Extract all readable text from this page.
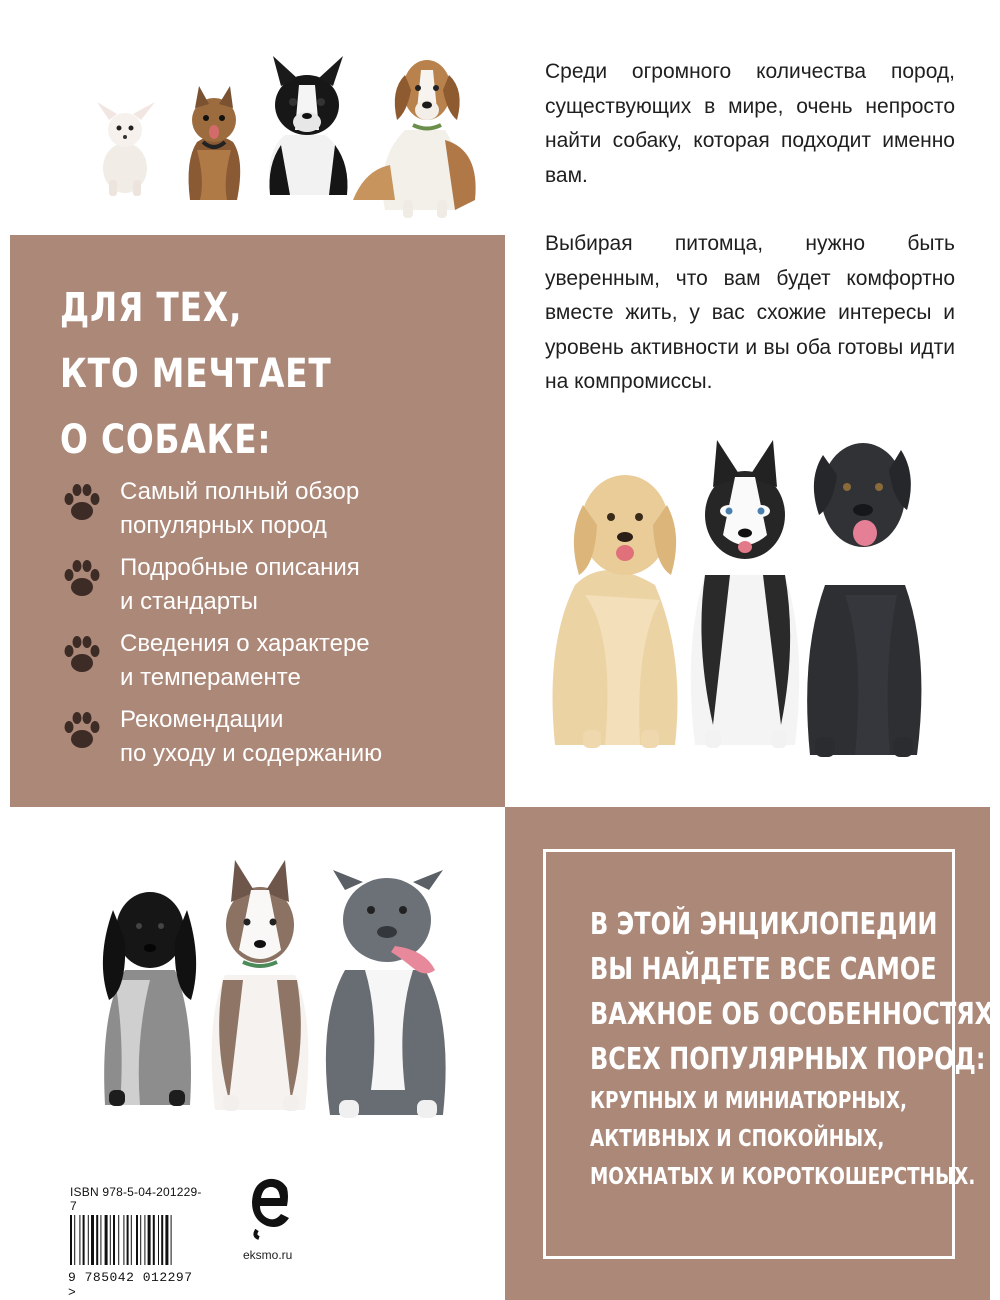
Среди огромного количества пород, существующих в мире, очень непросто найти собаку, которая подходит именно вам.

Выбирая питомца, нужно быть уверенным, что вам будет комфортно вместе жить, у вас схожие интересы и уровень активности и вы оба готовы идти на компромиссы.

ДЛЯ ТЕХ,
КТО МЕЧТАЕТ
О СОБАКЕ:
Самый полный обзор
популярных пород
Подробные описания
и стандарты
Сведения о характере
и темпераменте
Рекомендации
по уходу и содержанию
В ЭТОЙ ЭНЦИКЛОПЕДИИ
ВЫ НАЙДЕТЕ ВСЕ САМОЕ
ВАЖНОЕ ОБ ОСОБЕННОСТЯХ
ВСЕХ ПОПУЛЯРНЫХ ПОРОД:
КРУПНЫХ И МИНИАТЮРНЫХ,
АКТИВНЫХ И СПОКОЙНЫХ,
МОХНАТЫХ И КОРОТКОШЕРСТНЫХ.
ISBN 978-5-04-201229-7
9 785042 012297 >
eksmo.ru
